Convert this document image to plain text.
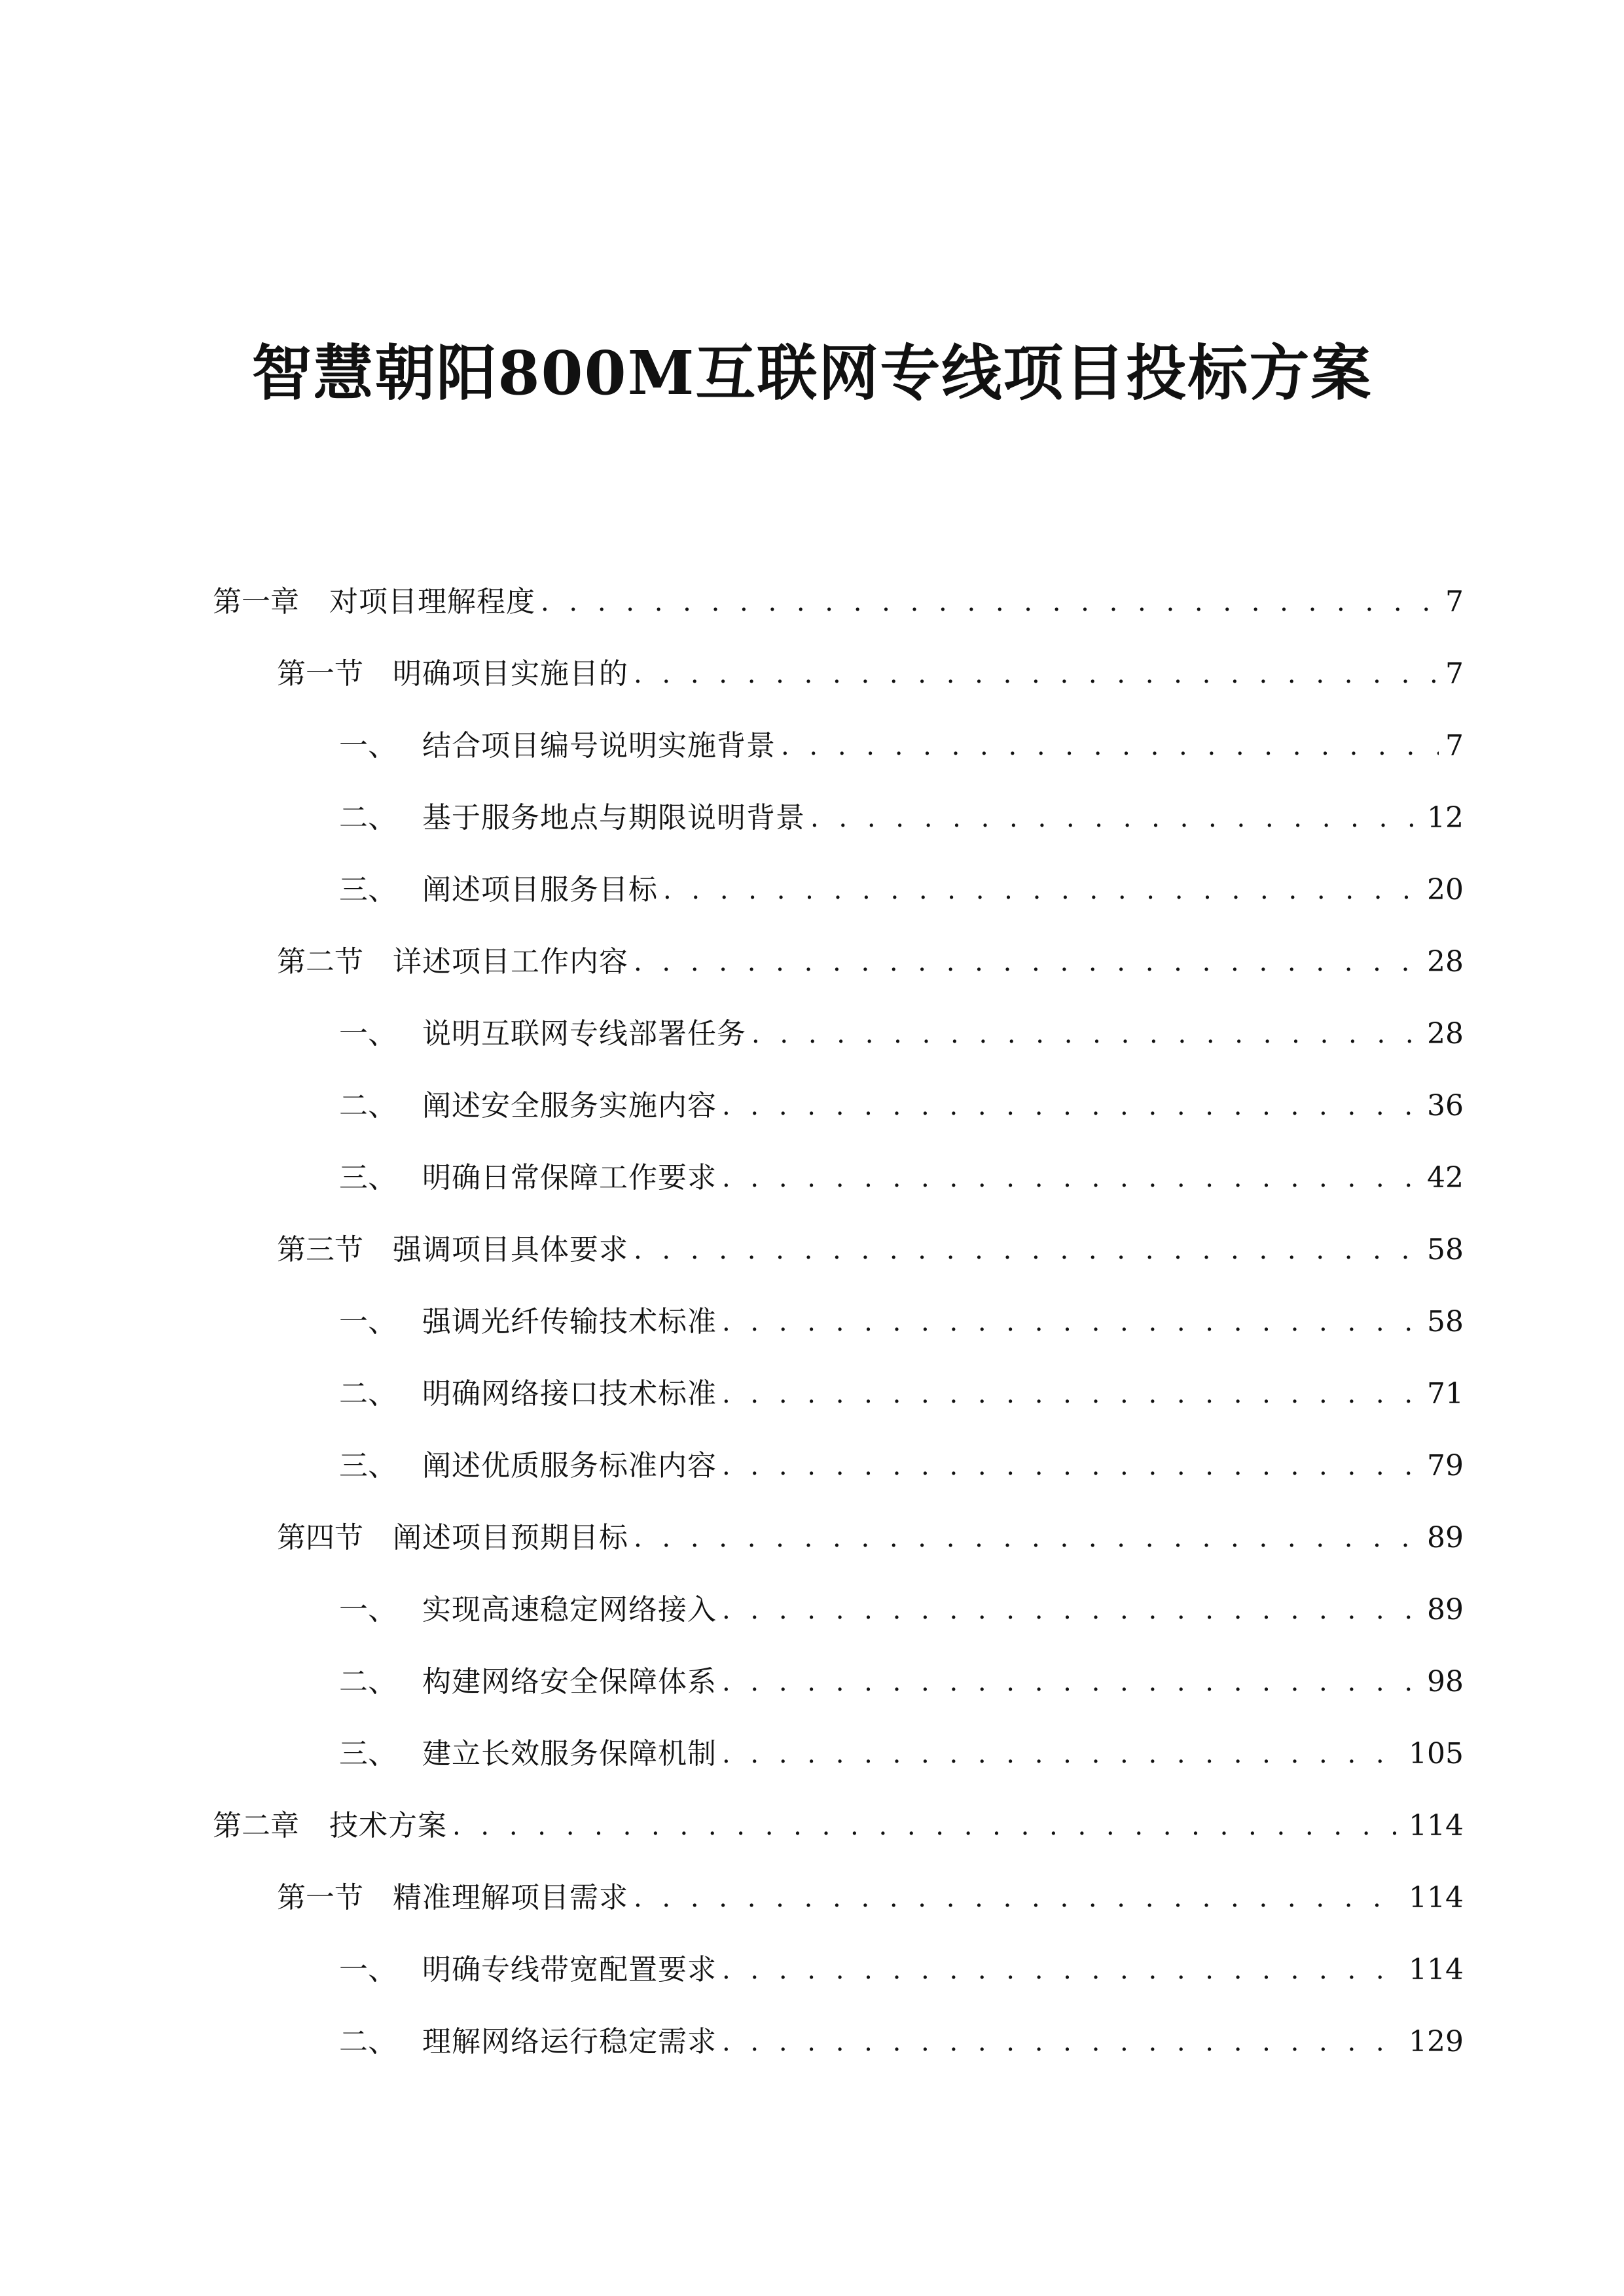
智慧朝阳800M互联网专线项目投标方案
第一章	对项目理解程度 . . .	7
第一节	明确项目实施目的 . . .	7
一、 结合项目编号说明实施背景 . . .	7
二、 基于服务地点与期限说明背景 . . .	12
三、 阐述项目服务目标 . . .	20
第二节	详述项目工作内容 . . .	28
一、 说明互联网专线部署任务 . . .	28
二、 阐述安全服务实施内容 . . .	36
三、 明确日常保障工作要求 . . .	42
第三节	强调项目具体要求 . . .	58
一、 强调光纤传输技术标准 . . .	58
二、 明确网络接口技术标准 . . .	71
三、 阐述优质服务标准内容 . . .	79
第四节	阐述项目预期目标 . . .	89
一、 实现高速稳定网络接入 . . .	89
二、 构建网络安全保障体系 . . .	98
三、 建立长效服务保障机制 . . .	105
第二章	技术方案 . . .	114
第一节	精准理解项目需求 . . .	114
一、 明确专线带宽配置要求 . . .	114
二、 理解网络运行稳定需求 . . .	129
